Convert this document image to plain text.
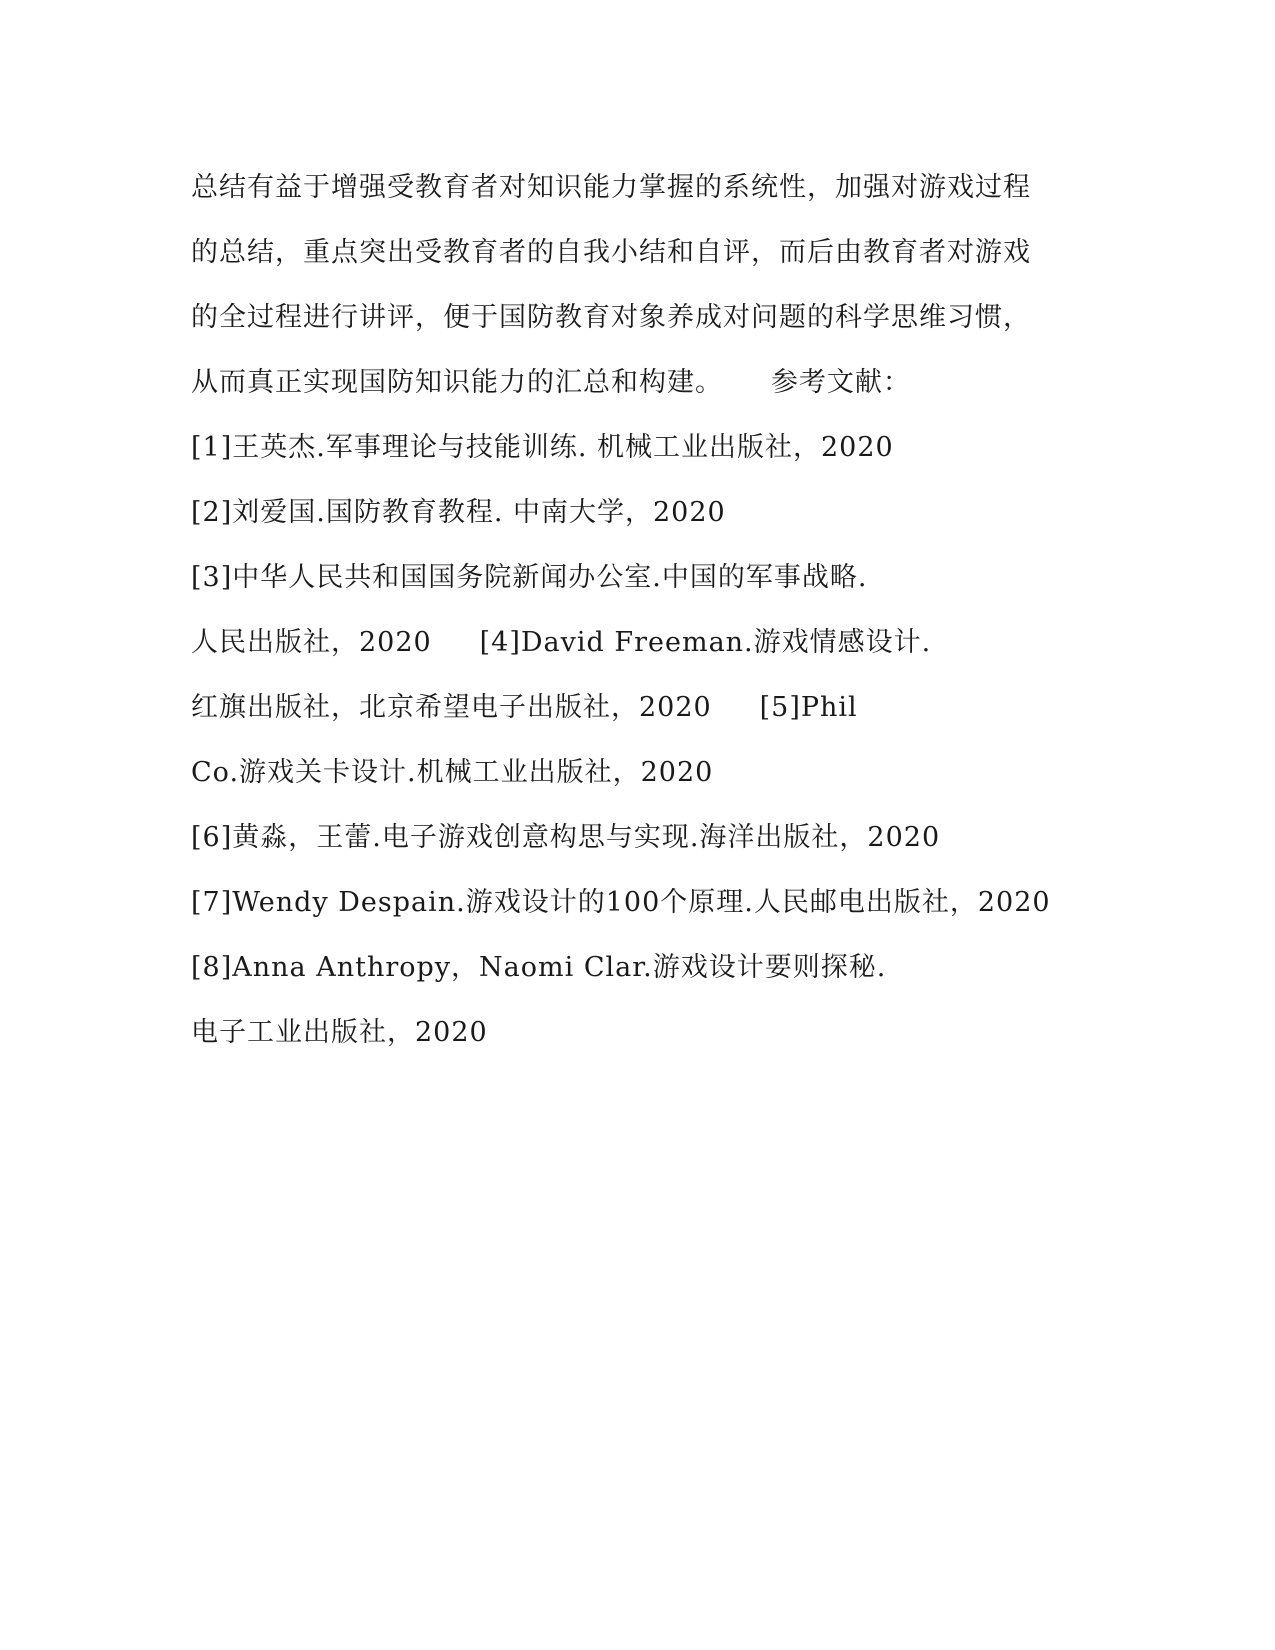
总结有益于增强受教育者对知识能力掌握的系统性，加强对游戏过程
的总结，重点突出受教育者的自我小结和自评，而后由教育者对游戏
的全过程进行讲评，便于国防教育对象养成对问题的科学思维习惯，
从而真正实现国防知识能力的汇总和构建。     参考文献：
[1]王英杰.军事理论与技能训练. 机械工业出版社，2020
[2]刘爱国.国防教育教程. 中南大学，2020
[3]中华人民共和国国务院新闻办公室.中国的军事战略.
人民出版社，2020     [4]David Freeman.游戏情感设计.
红旗出版社，北京希望电子出版社，2020     [5]Phil
Co.游戏关卡设计.机械工业出版社，2020
[6]黄淼，王蕾.电子游戏创意构思与实现.海洋出版社，2020
[7]Wendy Despain.游戏设计的100个原理.人民邮电出版社，2020
[8]Anna Anthropy，Naomi Clar.游戏设计要则探秘.
电子工业出版社，2020
